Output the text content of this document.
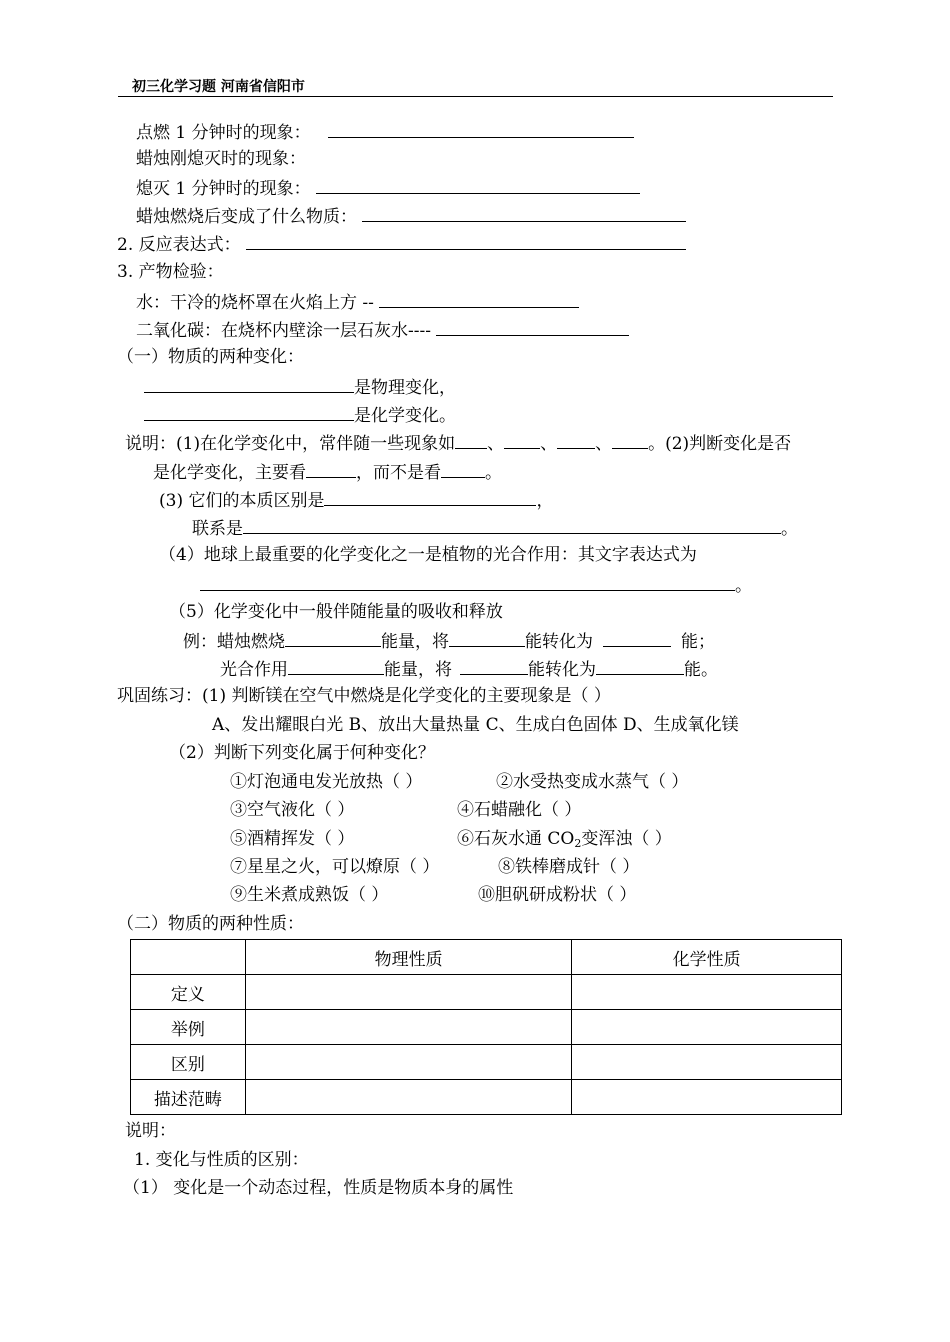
初三化学习题 河南省信阳市
点燃 1 分钟时的现象：
蜡烛刚熄灭时的现象：
熄灭 1 分钟时的现象：
蜡烛燃烧后变成了什么物质：
2. 反应表达式：
3. 产物检验：
水：干冷的烧杯罩在火焰上方 --
二氧化碳：在烧杯内壁涂一层石灰水----
（一）物质的两种变化：
是物理变化，
是化学变化。
说明：(1)在化学变化中，常伴随一些现象如 、 、 、 。(2)判断变化是否
是化学变化，主要看	，而不是看	。
(3) 它们的本质区别是	，
联系是	。
（4）地球上最重要的化学变化之一是植物的光合作用：其文字表达式为
。
（5）化学变化中一般伴随能量的吸收和释放
例：蜡烛燃烧	能量，将	能转化为	能；
光合作用	能量，将	能转化为	能。
巩固练习：(1) 判断镁在空气中燃烧是化学变化的主要现象是（ ）
A、发出耀眼白光 B、放出大量热量 C、生成白色固体 D、生成氧化镁
（2）判断下列变化属于何种变化？
①灯泡通电发光放热（ ）	②水受热变成水蒸气（ ）
③空气液化（ ）	④石蜡融化（ ）
⑤酒精挥发（ ）	⑥石灰水通 $CO_2$变浑浊（ ）
⑦星星之火，可以燎原（ ）	⑧铁棒磨成针（ ）
⑨生米煮成熟饭（ ）	⑩胆矾研成粉状（ ）
（二）物质的两种性质：
	物理性质	化学性质
定义		
举例		
区别		
描述范畴		
说明：
1. 变化与性质的区别：
（1） 变化是一个动态过程，性质是物质本身的属性
